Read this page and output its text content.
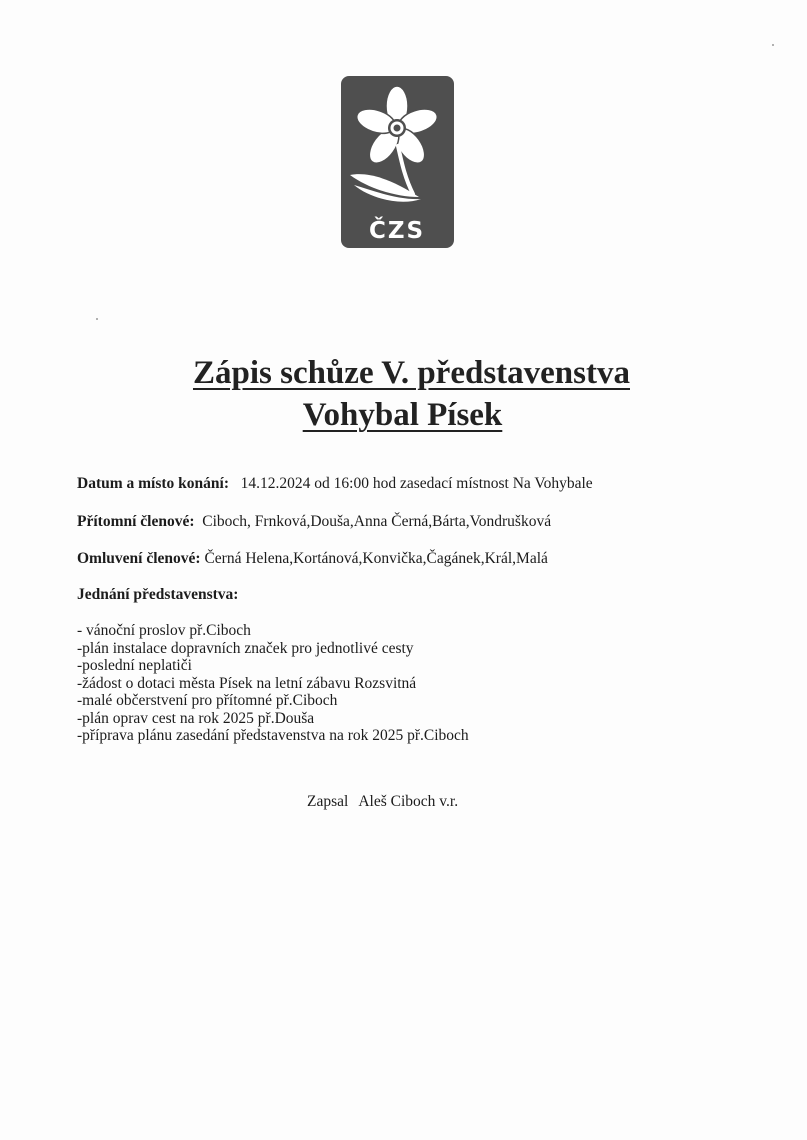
ČZS
Zápis schůze V. představenstva
Vohybal Písek
Datum a místo konání: 14.12.2024 od 16:00 hod zasedací místnost Na Vohybale
Přítomní členové: Ciboch, Frnková,Douša,Anna Černá,Bárta,Vondrušková
Omluvení členové: Černá Helena,Kortánová,Konvička,Čagánek,Král,Malá
Jednání představenstva:
- vánoční proslov př.Ciboch
-plán instalace dopravních značek pro jednotlivé cesty
-poslední neplatiči
-žádost o dotaci města Písek na letní zábavu Rozsvitná
-malé občerstvení pro přítomné př.Ciboch
-plán oprav cest na rok 2025 př.Douša
-příprava plánu zasedání představenstva na rok 2025 př.Ciboch
Zapsal Aleš Ciboch v.r.
